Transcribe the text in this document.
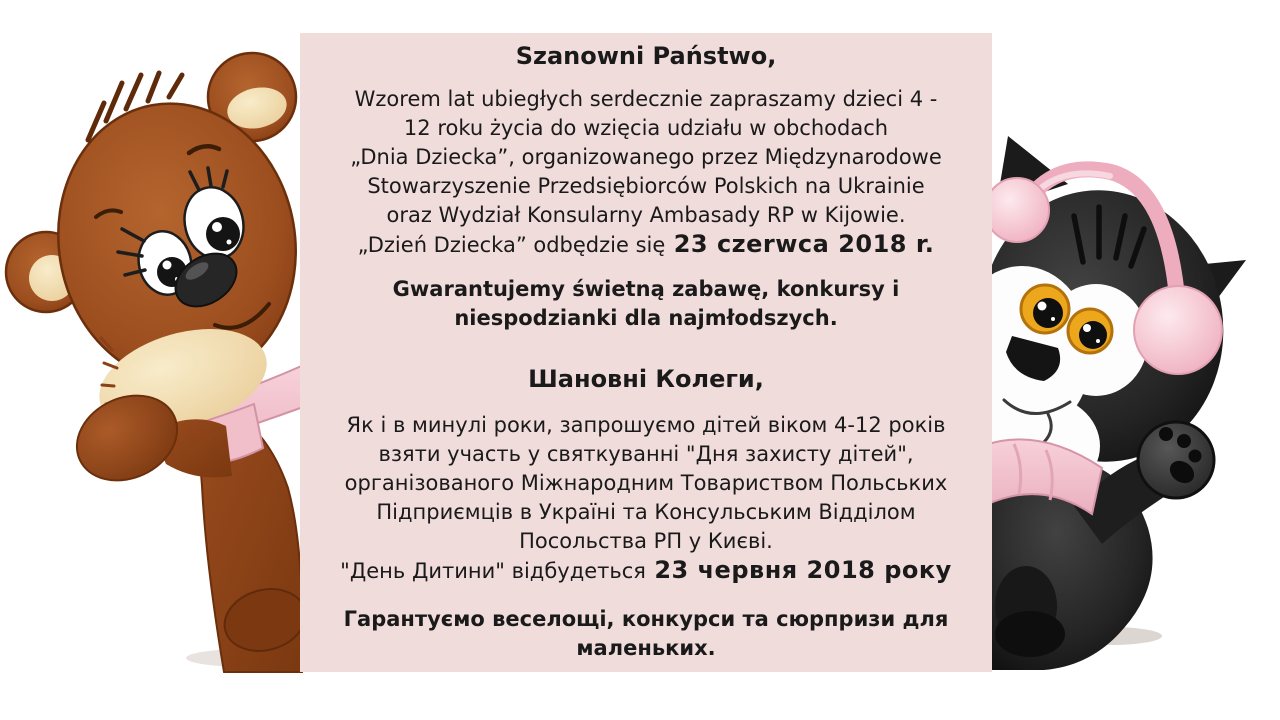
Szanowni Państwo,
Wzorem lat ubiegłych serdecznie zapraszamy dzieci 4 -
12 roku życia do wzięcia udziału w obchodach
„Dnia Dziecka”, organizowanego przez Międzynarodowe
Stowarzyszenie Przedsiębiorców Polskich na Ukrainie
oraz Wydział Konsularny Ambasady RP w Kijowie.
„Dzień Dziecka” odbędzie się 23 czerwca 2018 r.
Gwarantujemy świetną zabawę, konkursy i
niespodzianki dla najmłodszych.
Шановні Колеги,
Як і в минулі роки, запрошуємо дітей віком 4-12 років
взяти участь у святкуванні "Дня захисту дітей",
організованого Міжнародним Товариством Польських
Підприємців в Україні та Консульським Відділом
Посольства РП у Києві.
"День Дитини" відбудеться 23 червня 2018 року
Гарантуємо веселощі, конкурси та сюрпризи для
маленьких.
